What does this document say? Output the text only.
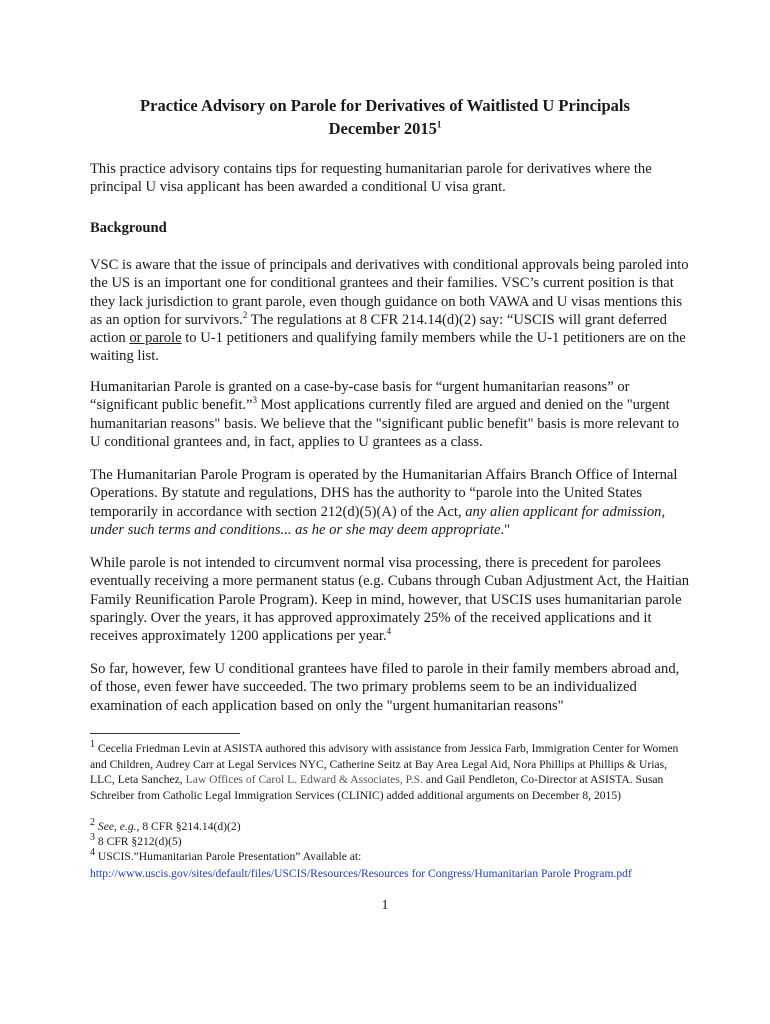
Practice Advisory on Parole for Derivatives of Waitlisted U Principals
December 2015$^1$

This practice advisory contains tips for requesting humanitarian parole for derivatives where the principal U visa applicant has been awarded a conditional U visa grant.

Background

VSC is aware that the issue of principals and derivatives with conditional approvals being paroled into the US is an important one for conditional grantees and their families. VSC’s current position is that they lack jurisdiction to grant parole, even though guidance on both VAWA and U visas mentions this as an option for survivors.$^2$ The regulations at 8 CFR 214.14(d)(2) say: “USCIS will grant deferred action or parole to U-1 petitioners and qualifying family members while the U-1 petitioners are on the waiting list.

Humanitarian Parole is granted on a case-by-case basis for “urgent humanitarian reasons” or “significant public benefit.”$^3$ Most applications currently filed are argued and denied on the "urgent humanitarian reasons" basis. We believe that the "significant public benefit" basis is more relevant to U conditional grantees and, in fact, applies to U grantees as a class.

The Humanitarian Parole Program is operated by the Humanitarian Affairs Branch Office of Internal Operations. By statute and regulations, DHS has the authority to “parole into the United States temporarily in accordance with section 212(d)(5)(A) of the Act, any alien applicant for admission, under such terms and conditions... as he or she may deem appropriate."

While parole is not intended to circumvent normal visa processing, there is precedent for parolees eventually receiving a more permanent status (e.g. Cubans through Cuban Adjustment Act, the Haitian Family Reunification Parole Program). Keep in mind, however, that USCIS uses humanitarian parole sparingly. Over the years, it has approved approximately 25% of the received applications and it receives approximately 1200 applications per year.$^4$

So far, however, few U conditional grantees have filed to parole in their family members abroad and, of those, even fewer have succeeded. The two primary problems seem to be an individualized examination of each application based on only the "urgent humanitarian reasons"

$^1$ Cecelia Friedman Levin at ASISTA authored this advisory with assistance from Jessica Farb, Immigration Center for Women and Children, Audrey Carr at Legal Services NYC, Catherine Seitz at Bay Area Legal Aid, Nora Phillips at Phillips & Urias, LLC, Leta Sanchez, Law Offices of Carol L. Edward & Associates, P.S. and Gail Pendleton, Co-Director at ASISTA. Susan Schreiber from Catholic Legal Immigration Services (CLINIC) added additional arguments on December 8, 2015)

$^2$ See, e.g., 8 CFR §214.14(d)(2)

$^3$ 8 CFR §212(d)(5)

$^4$ USCIS.”Humanitarian Parole Presentation” Available at:

http://www.uscis.gov/sites/default/files/USCIS/Resources/Resources for Congress/Humanitarian Parole Program.pdf

1
